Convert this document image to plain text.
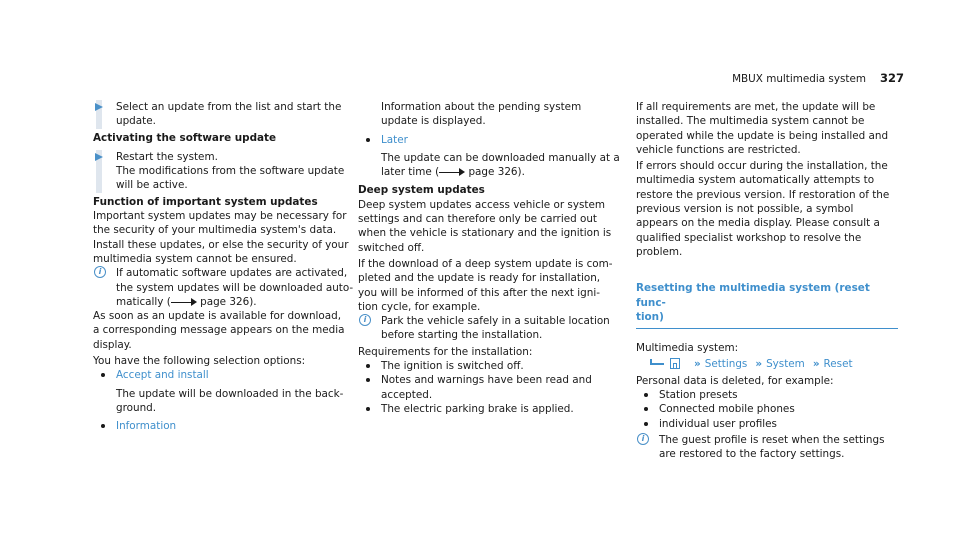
MBUX multimedia system 327

Select an update from the list and start the
update.

Activating the software update

Restart the system.
The modifications from the software update
will be active.

Function of important system updates

Important system updates may be necessary for
the security of your multimedia system's data.
Install these updates, or else the security of your
multimedia system cannot be ensured.

i	If automatic software updates are activated,
the system updates will be downloaded auto-
matically (	page 326).

As soon as an update is available for download,
a corresponding message appears on the media
display.

You have the following selection options:

Accept and install

The update will be downloaded in the back-
ground.

Information

Information about the pending system
update is displayed.

Later

The update can be downloaded manually at a
later time (	page 326).

Deep system updates

Deep system updates access vehicle or system
settings and can therefore only be carried out
when the vehicle is stationary and the ignition is
switched off.

If the download of a deep system update is com-
pleted and the update is ready for installation,
you will be informed of this after the next igni-
tion cycle, for example.

i	Park the vehicle safely in a suitable location
before starting the installation.

Requirements for the installation:

The ignition is switched off.

Notes and warnings have been read and
accepted.

The electric parking brake is applied.

If all requirements are met, the update will be
installed. The multimedia system cannot be
operated while the update is being installed and
vehicle functions are restricted.

If errors should occur during the installation, the
multimedia system automatically attempts to
restore the previous version. If restoration of the
previous version is not possible, a symbol
appears on the media display. Please consult a
qualified specialist workshop to resolve the
problem.

Resetting the multimedia system (reset func-
tion)

Multimedia system:

» Settings » System » Reset

Personal data is deleted, for example:

Station presets

Connected mobile phones

individual user profiles

i	The guest profile is reset when the settings
are restored to the factory settings.
